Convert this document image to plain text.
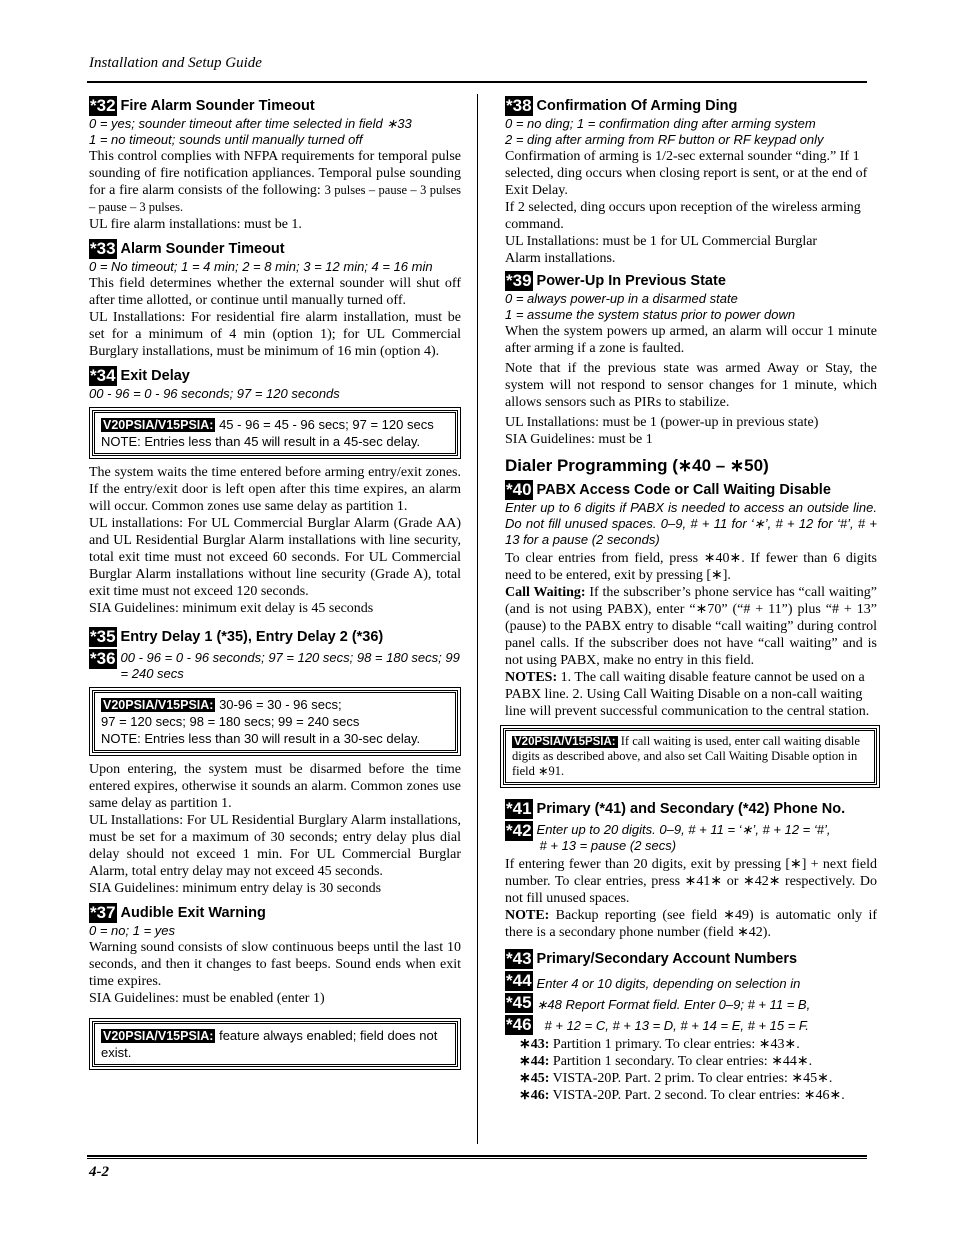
Installation and Setup Guide
*32 Fire Alarm Sounder Timeout
0 = yes; sounder timeout after time selected in field ∗33
1 = no timeout; sounds until manually turned off

This control complies with NFPA requirements for temporal pulse sounding of fire notification appliances. Temporal pulse sounding for a fire alarm consists of the following: 3 pulses – pause – 3 pulses – pause – 3 pulses.

UL fire alarm installations: must be 1.

*33 Alarm Sounder Timeout
0 = No timeout; 1 = 4 min; 2 = 8 min; 3 = 12 min; 4 = 16 min

This field determines whether the external sounder will shut off after time allotted, or continue until manually turned off.

UL Installations: For residential fire alarm installation, must be set for a minimum of 4 min (option 1); for UL Commercial Burglary installations, must be minimum of 16 min (option 4).

*34 Exit Delay
00 - 96 = 0 - 96 seconds; 97 = 120 seconds
V20PSIA/V15PSIA: 45 - 96 = 45 - 96 secs; 97 = 120 secs
NOTE: Entries less than 45 will result in a 45-sec delay.

The system waits the time entered before arming entry/exit zones. If the entry/exit door is left open after this time expires, an alarm will occur. Common zones use same delay as partition 1.

UL installations: For UL Commercial Burglar Alarm (Grade AA) and UL Residential Burglar Alarm installations with line security, total exit time must not exceed 60 seconds. For UL Commercial Burglar Alarm installations without line security (Grade A), total exit time must not exceed 120 seconds.

SIA Guidelines: minimum exit delay is 45 seconds

*35
*36
Entry Delay 1 (*35), Entry Delay 2 (*36)
00 - 96 = 0 - 96 seconds; 97 = 120 secs; 98 = 180 secs; 99 = 240 secs
V20PSIA/V15PSIA: 30-96 = 30 - 96 secs;
97 = 120 secs; 98 = 180 secs; 99 = 240 secs
NOTE: Entries less than 30 will result in a 30-sec delay.

Upon entering, the system must be disarmed before the time entered expires, otherwise it sounds an alarm. Common zones use same delay as partition 1.

UL Installations: For UL Residential Burglary Alarm installations, must be set for a maximum of 30 seconds; entry delay plus dial delay should not exceed 1 min. For UL Commercial Burglar Alarm, total entry delay may not exceed 45 seconds.

SIA Guidelines: minimum entry delay is 30 seconds

*37 Audible Exit Warning
0 = no; 1 = yes

Warning sound consists of slow continuous beeps until the last 10 seconds, and then it changes to fast beeps. Sound ends when exit time expires.

SIA Guidelines: must be enabled (enter 1)

V20PSIA/V15PSIA: feature always enabled; field does not exist.
*38 Confirmation Of Arming Ding
0 = no ding; 1 = confirmation ding after arming system
2 = ding after arming from RF button or RF keypad only

Confirmation of arming is 1/2-sec external sounder “ding.” If 1 selected, ding occurs when closing report is sent, or at the end of Exit Delay.

If 2 selected, ding occurs upon reception of the wireless arming command.

UL Installations: must be 1 for UL Commercial Burglar Alarm installations.

*39 Power-Up In Previous State
0 = always power-up in a disarmed state
1 = assume the system status prior to power down

When the system powers up armed, an alarm will occur 1 minute after arming if a zone is faulted.

Note that if the previous state was armed Away or Stay, the system will not respond to sensor changes for 1 minute, which allows sensors such as PIRs to stabilize.

UL Installations: must be 1 (power-up in previous state)

SIA Guidelines: must be 1

Dialer Programming (∗40 – ∗50)
*40 PABX Access Code or Call Waiting Disable
Enter up to 6 digits if PABX is needed to access an outside line. Do not fill unused spaces. 0–9, # + 11 for ‘∗’, # + 12 for ‘#’, # + 13 for a pause (2 seconds)

To clear entries from field, press ∗40∗. If fewer than 6 digits need to be entered, exit by pressing [∗].

Call Waiting: If the subscriber’s phone service has “call waiting” (and is not using PABX), enter “∗70” (“# + 11”) plus “# + 13” (pause) to the PABX entry to disable “call waiting” during control panel calls. If the subscriber does not have “call waiting” and is not using PABX, make no entry in this field.

NOTES: 1. The call waiting disable feature cannot be used on a PABX line. 2. Using Call Waiting Disable on a non-call waiting line will prevent successful communication to the central station.

V20PSIA/V15PSIA: If call waiting is used, enter call waiting disable digits as described above, and also set Call Waiting Disable option in field ∗91.
*41
*42
Primary (*41) and Secondary (*42) Phone No.
Enter up to 20 digits. 0–9, # + 11 = ‘∗’, # + 12 = ‘#’,
# + 13 = pause (2 secs)

If entering fewer than 20 digits, exit by pressing [∗] + next field number. To clear entries, press ∗41∗ or ∗42∗ respectively. Do not fill unused spaces.

NOTE: Backup reporting (see field ∗49) is automatic only if there is a secondary phone number (field ∗42).

*43
*44
*45
*46
Primary/Secondary Account Numbers
Enter 4 or 10 digits, depending on selection in
∗48 Report Format field. Enter 0–9; # + 11 = B,
# + 12 = C, # + 13 = D, # + 14 = E, # + 15 = F.

∗43: Partition 1 primary. To clear entries: ∗43∗.

∗44: Partition 1 secondary. To clear entries: ∗44∗.

∗45: VISTA-20P. Part. 2 prim. To clear entries: ∗45∗.

∗46: VISTA-20P. Part. 2 second. To clear entries: ∗46∗.

4-2
